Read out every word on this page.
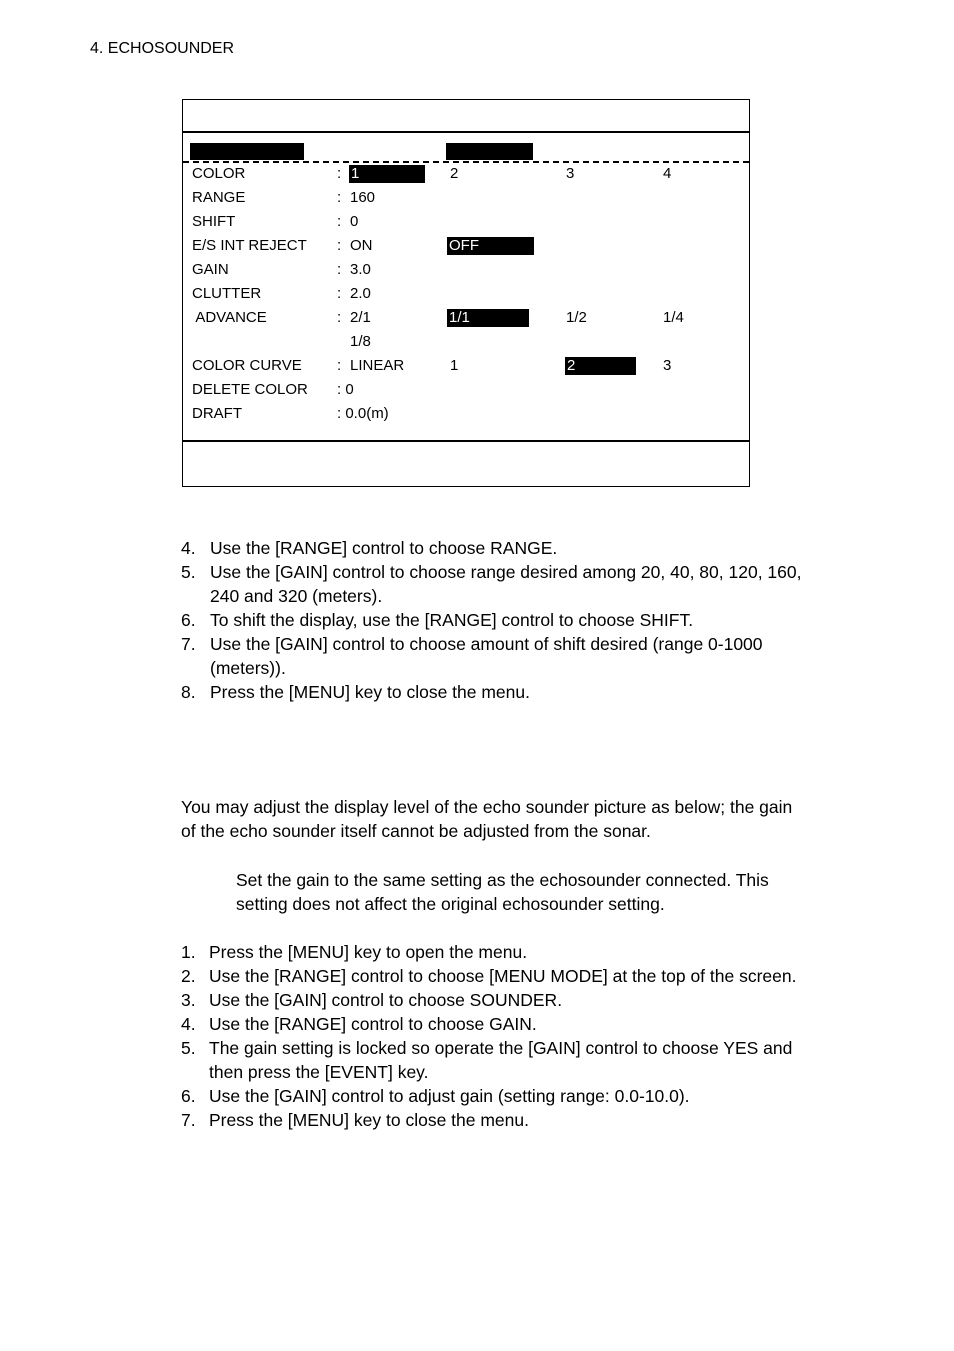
4. ECHOSOUNDER
COLOR	: 1	2	3	4
RANGE	: 160
SHIFT	: 0
E/S INT REJECT : ON	OFF
GAIN	: 3.0
CLUTTER	: 2.0
ADVANCE	: 2/1	1/1	1/2	1/4
1/8
COLOR CURVE : LINEAR	1	2	3
DELETE COLOR : 0
DRAFT	: 0.0(m)
4. Use the [RANGE] control to choose RANGE.
5. Use the [GAIN] control to choose range desired among 20, 40, 80, 120, 160,
240 and 320 (meters).
6. To shift the display, use the [RANGE] control to choose SHIFT.
7. Use the [GAIN] control to choose amount of shift desired (range 0-1000
(meters)).
8. Press the [MENU] key to close the menu.
You may adjust the display level of the echo sounder picture as below; the gain
of the echo sounder itself cannot be adjusted from the sonar.
Set the gain to the same setting as the echosounder connected. This
setting does not affect the original echosounder setting.
1. Press the [MENU] key to open the menu.
2. Use the [RANGE] control to choose [MENU MODE] at the top of the screen.
3. Use the [GAIN] control to choose SOUNDER.
4. Use the [RANGE] control to choose GAIN.
5. The gain setting is locked so operate the [GAIN] control to choose YES and
then press the [EVENT] key.
6. Use the [GAIN] control to adjust gain (setting range: 0.0-10.0).
7. Press the [MENU] key to close the menu.
